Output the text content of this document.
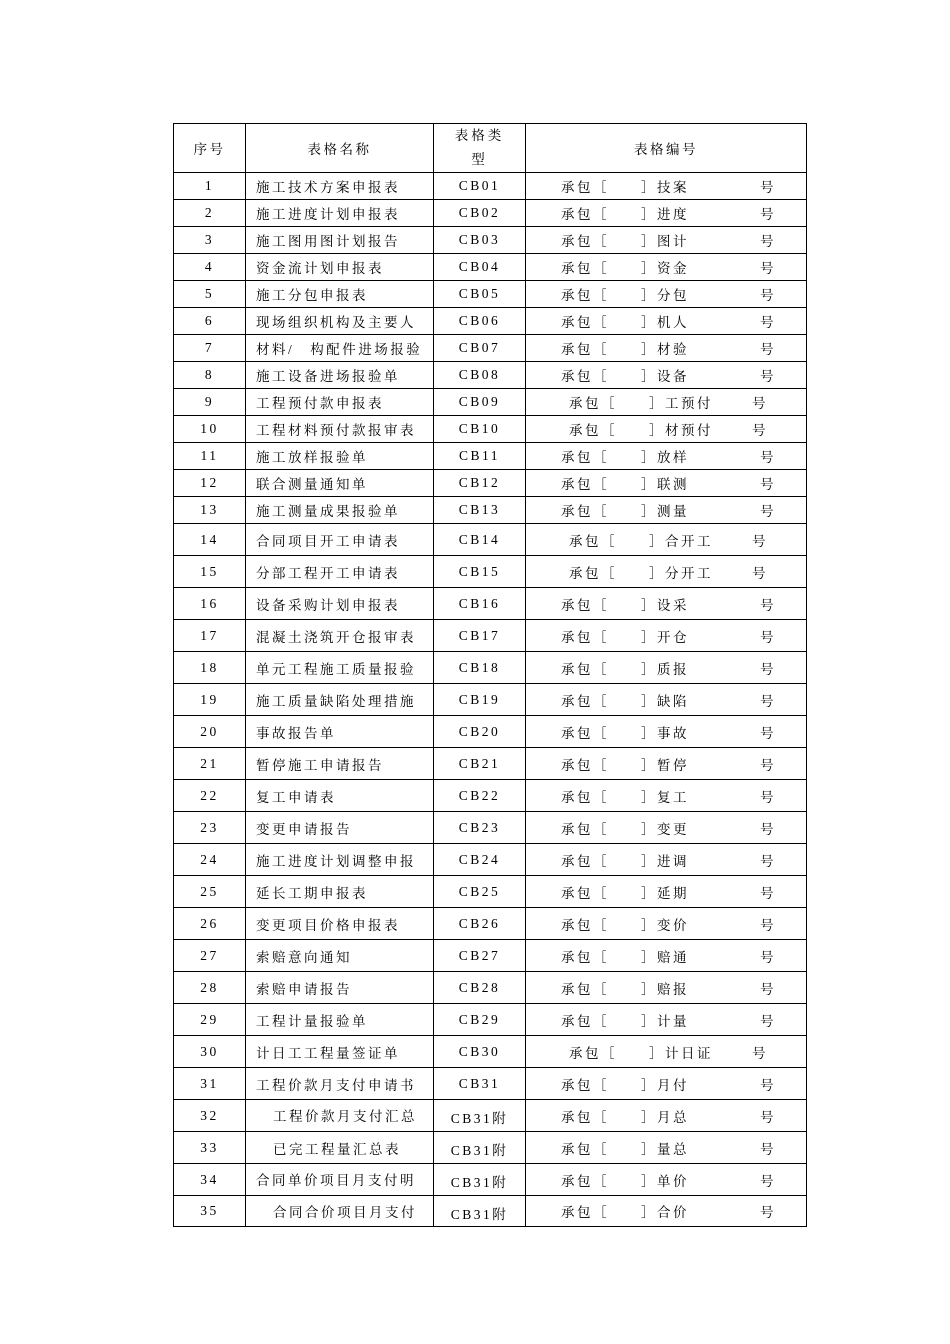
序号	表格名称	表格类型	表格编号
1	施工技术方案申报表	CB01	承包［　　］技案 号

2	施工进度计划申报表	CB02	承包［　　］进度 号

3	施工图用图计划报告	CB03	承包［　　］图计 号

4	资金流计划申报表	CB04	承包［　　］资金 号

5	施工分包申报表	CB05	承包［　　］分包 号

6	现场组织机构及主要人	CB06	承包［　　］机人 号

7	材料/　构配件进场报验	CB07	承包［　　］材验 号

8	施工设备进场报验单	CB08	承包［　　］设备 号

9	工程预付款申报表	CB09	承包［　　］工预付 号

10	工程材料预付款报审表	CB10	承包［　　］材预付 号

11	施工放样报验单	CB11	承包［　　］放样 号

12	联合测量通知单	CB12	承包［　　］联测 号

13	施工测量成果报验单	CB13	承包［　　］测量 号

14	合同项目开工申请表	CB14	承包［　　］合开工 号

15	分部工程开工申请表	CB15	承包［　　］分开工 号

16	设备采购计划申报表	CB16	承包［　　］设采 号

17	混凝土浇筑开仓报审表	CB17	承包［　　］开仓 号

18	单元工程施工质量报验	CB18	承包［　　］质报 号

19	施工质量缺陷处理措施	CB19	承包［　　］缺陷 号

20	事故报告单	CB20	承包［　　］事故 号

21	暂停施工申请报告	CB21	承包［　　］暂停 号

22	复工申请表	CB22	承包［　　］复工 号

23	变更申请报告	CB23	承包［　　］变更 号

24	施工进度计划调整申报	CB24	承包［　　］进调 号

25	延长工期申报表	CB25	承包［　　］延期 号

26	变更项目价格申报表	CB26	承包［　　］变价 号

27	索赔意向通知	CB27	承包［　　］赔通 号

28	索赔申请报告	CB28	承包［　　］赔报 号

29	工程计量报验单	CB29	承包［　　］计量 号

30	计日工工程量签证单	CB30	承包［　　］计日证 号

31	工程价款月支付申请书	CB31	承包［　　］月付 号

32	工程价款月支付汇总	CB31附	承包［　　］月总 号

33	已完工程量汇总表	CB31附	承包［　　］量总 号

34	合同单价项目月支付明	CB31附	承包［　　］单价 号

35	合同合价项目月支付	CB31附	承包［　　］合价 号
